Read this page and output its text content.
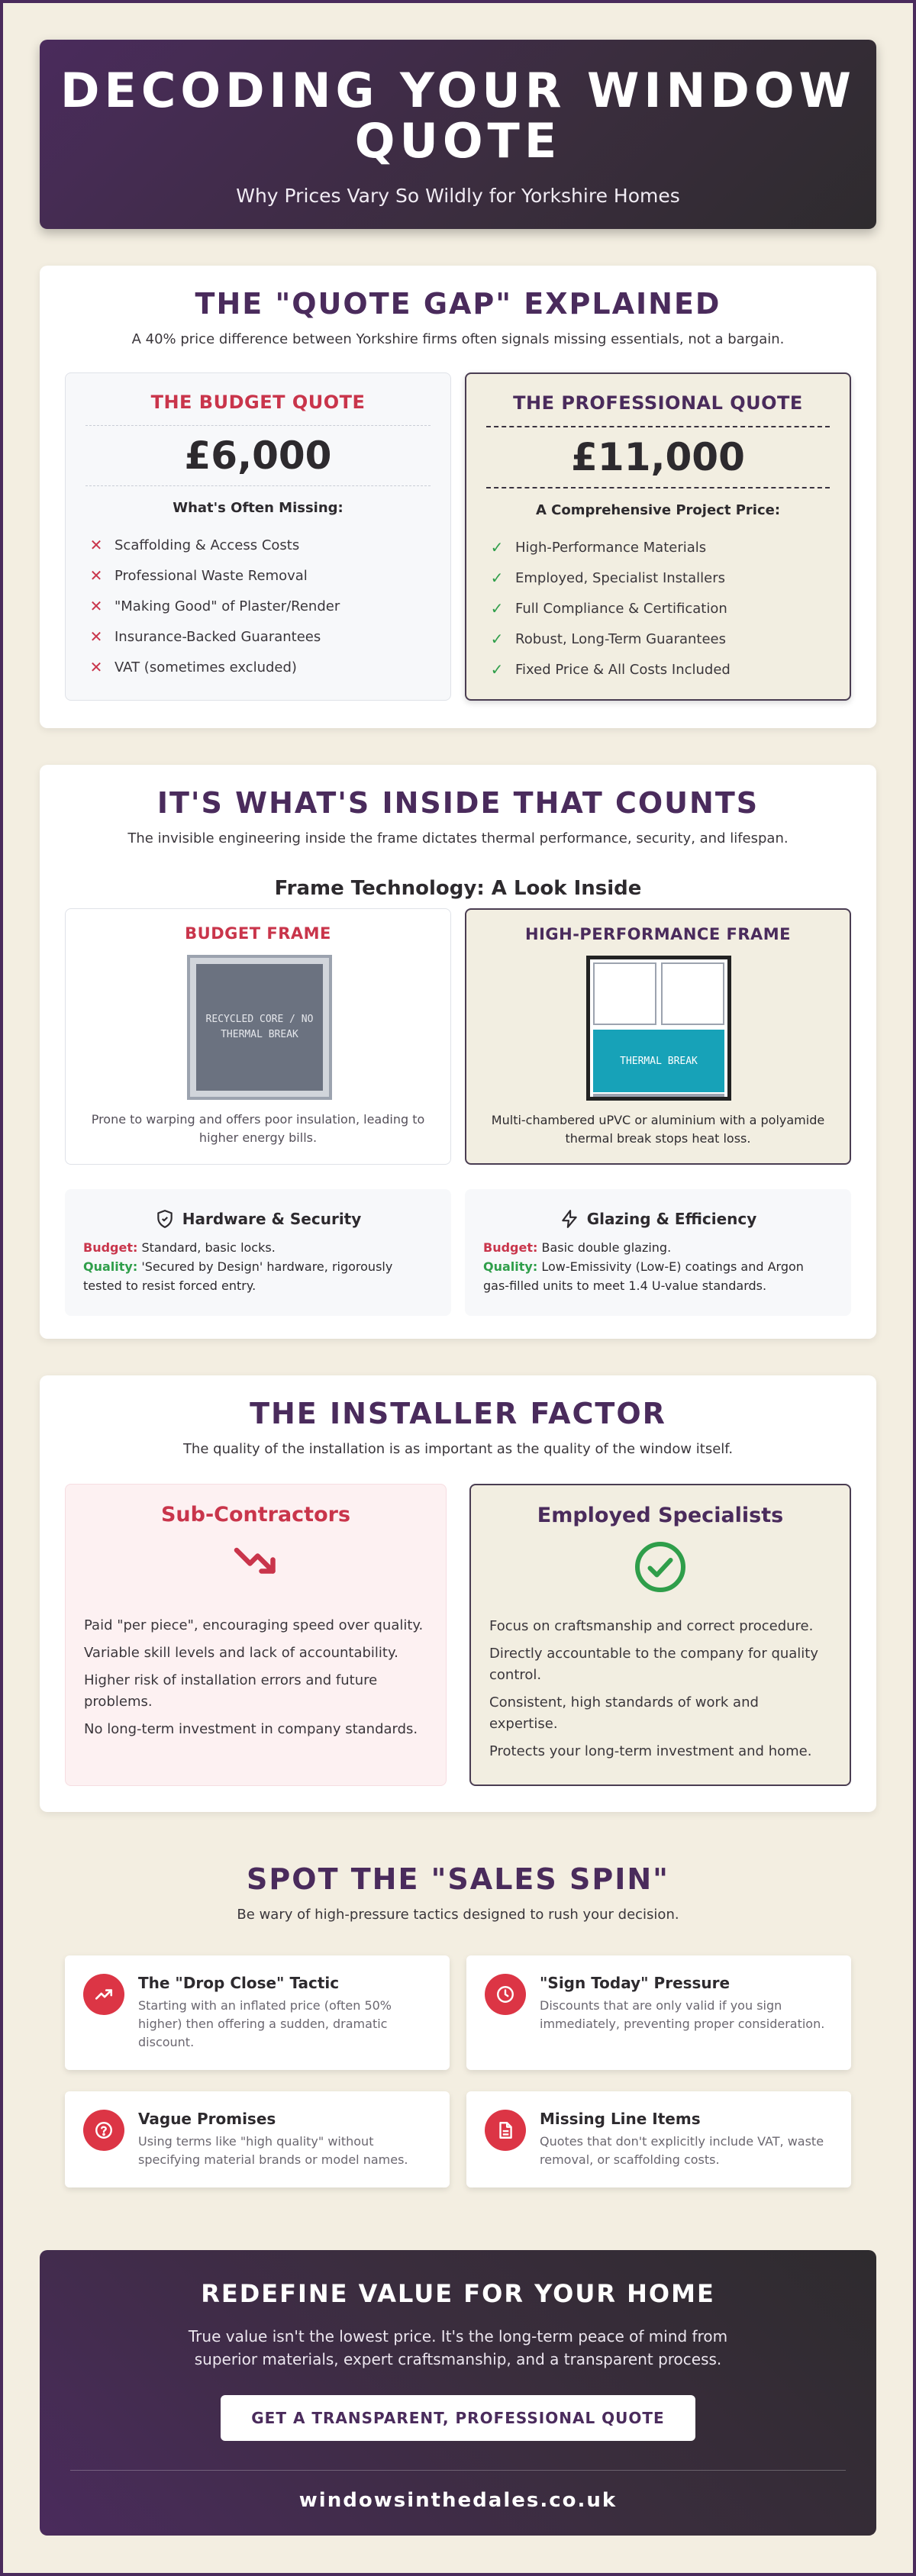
DECODING YOUR WINDOW QUOTE

Why Prices Vary So Wildly for Yorkshire Homes

THE "QUOTE GAP" EXPLAINED

A 40% price difference between Yorkshire firms often signals missing essentials, not a bargain.

THE BUDGET QUOTE
£6,000
What's Often Missing:
✕ Scaffolding & Access Costs
✕ Professional Waste Removal
✕ "Making Good" of Plaster/Render
✕ Insurance-Backed Guarantees
✕ VAT (sometimes excluded)
THE PROFESSIONAL QUOTE
£11,000
A Comprehensive Project Price:
✓ High-Performance Materials
✓ Employed, Specialist Installers
✓ Full Compliance & Certification
✓ Robust, Long-Term Guarantees
✓ Fixed Price & All Costs Included
IT'S WHAT'S INSIDE THAT COUNTS

The invisible engineering inside the frame dictates thermal performance, security, and lifespan.

Frame Technology: A Look Inside
BUDGET FRAME
RECYCLED CORE / NO
THERMAL BREAK

Prone to warping and offers poor insulation, leading to higher energy bills.

HIGH-PERFORMANCE FRAME
THERMAL BREAK

Multi-chambered uPVC or aluminium with a polyamide thermal break stops heat loss.

Hardware & Security

Budget: Standard, basic locks.
Quality: 'Secured by Design' hardware, rigorously tested to resist forced entry.

Glazing & Efficiency

Budget: Basic double glazing.
Quality: Low-Emissivity (Low-E) coatings and Argon gas-filled units to meet 1.4 U-value standards.

THE INSTALLER FACTOR

The quality of the installation is as important as the quality of the window itself.

Sub-Contractors
Paid "per piece", encouraging speed over quality.
Variable skill levels and lack of accountability.
Higher risk of installation errors and future problems.
No long-term investment in company standards.
Employed Specialists
Focus on craftsmanship and correct procedure.
Directly accountable to the company for quality control.
Consistent, high standards of work and expertise.
Protects your long-term investment and home.
SPOT THE "SALES SPIN"

Be wary of high-pressure tactics designed to rush your decision.

The "Drop Close" Tactic

Starting with an inflated price (often 50% higher) then offering a sudden, dramatic discount.

"Sign Today" Pressure

Discounts that are only valid if you sign immediately, preventing proper consideration.

Vague Promises

Using terms like "high quality" without specifying material brands or model names.

Missing Line Items

Quotes that don't explicitly include VAT, waste removal, or scaffolding costs.

REDEFINE VALUE FOR YOUR HOME

True value isn't the lowest price. It's the long-term peace of mind from superior materials, expert craftsmanship, and a transparent process.

GET A TRANSPARENT, PROFESSIONAL QUOTE
windowsinthedales.co.uk
